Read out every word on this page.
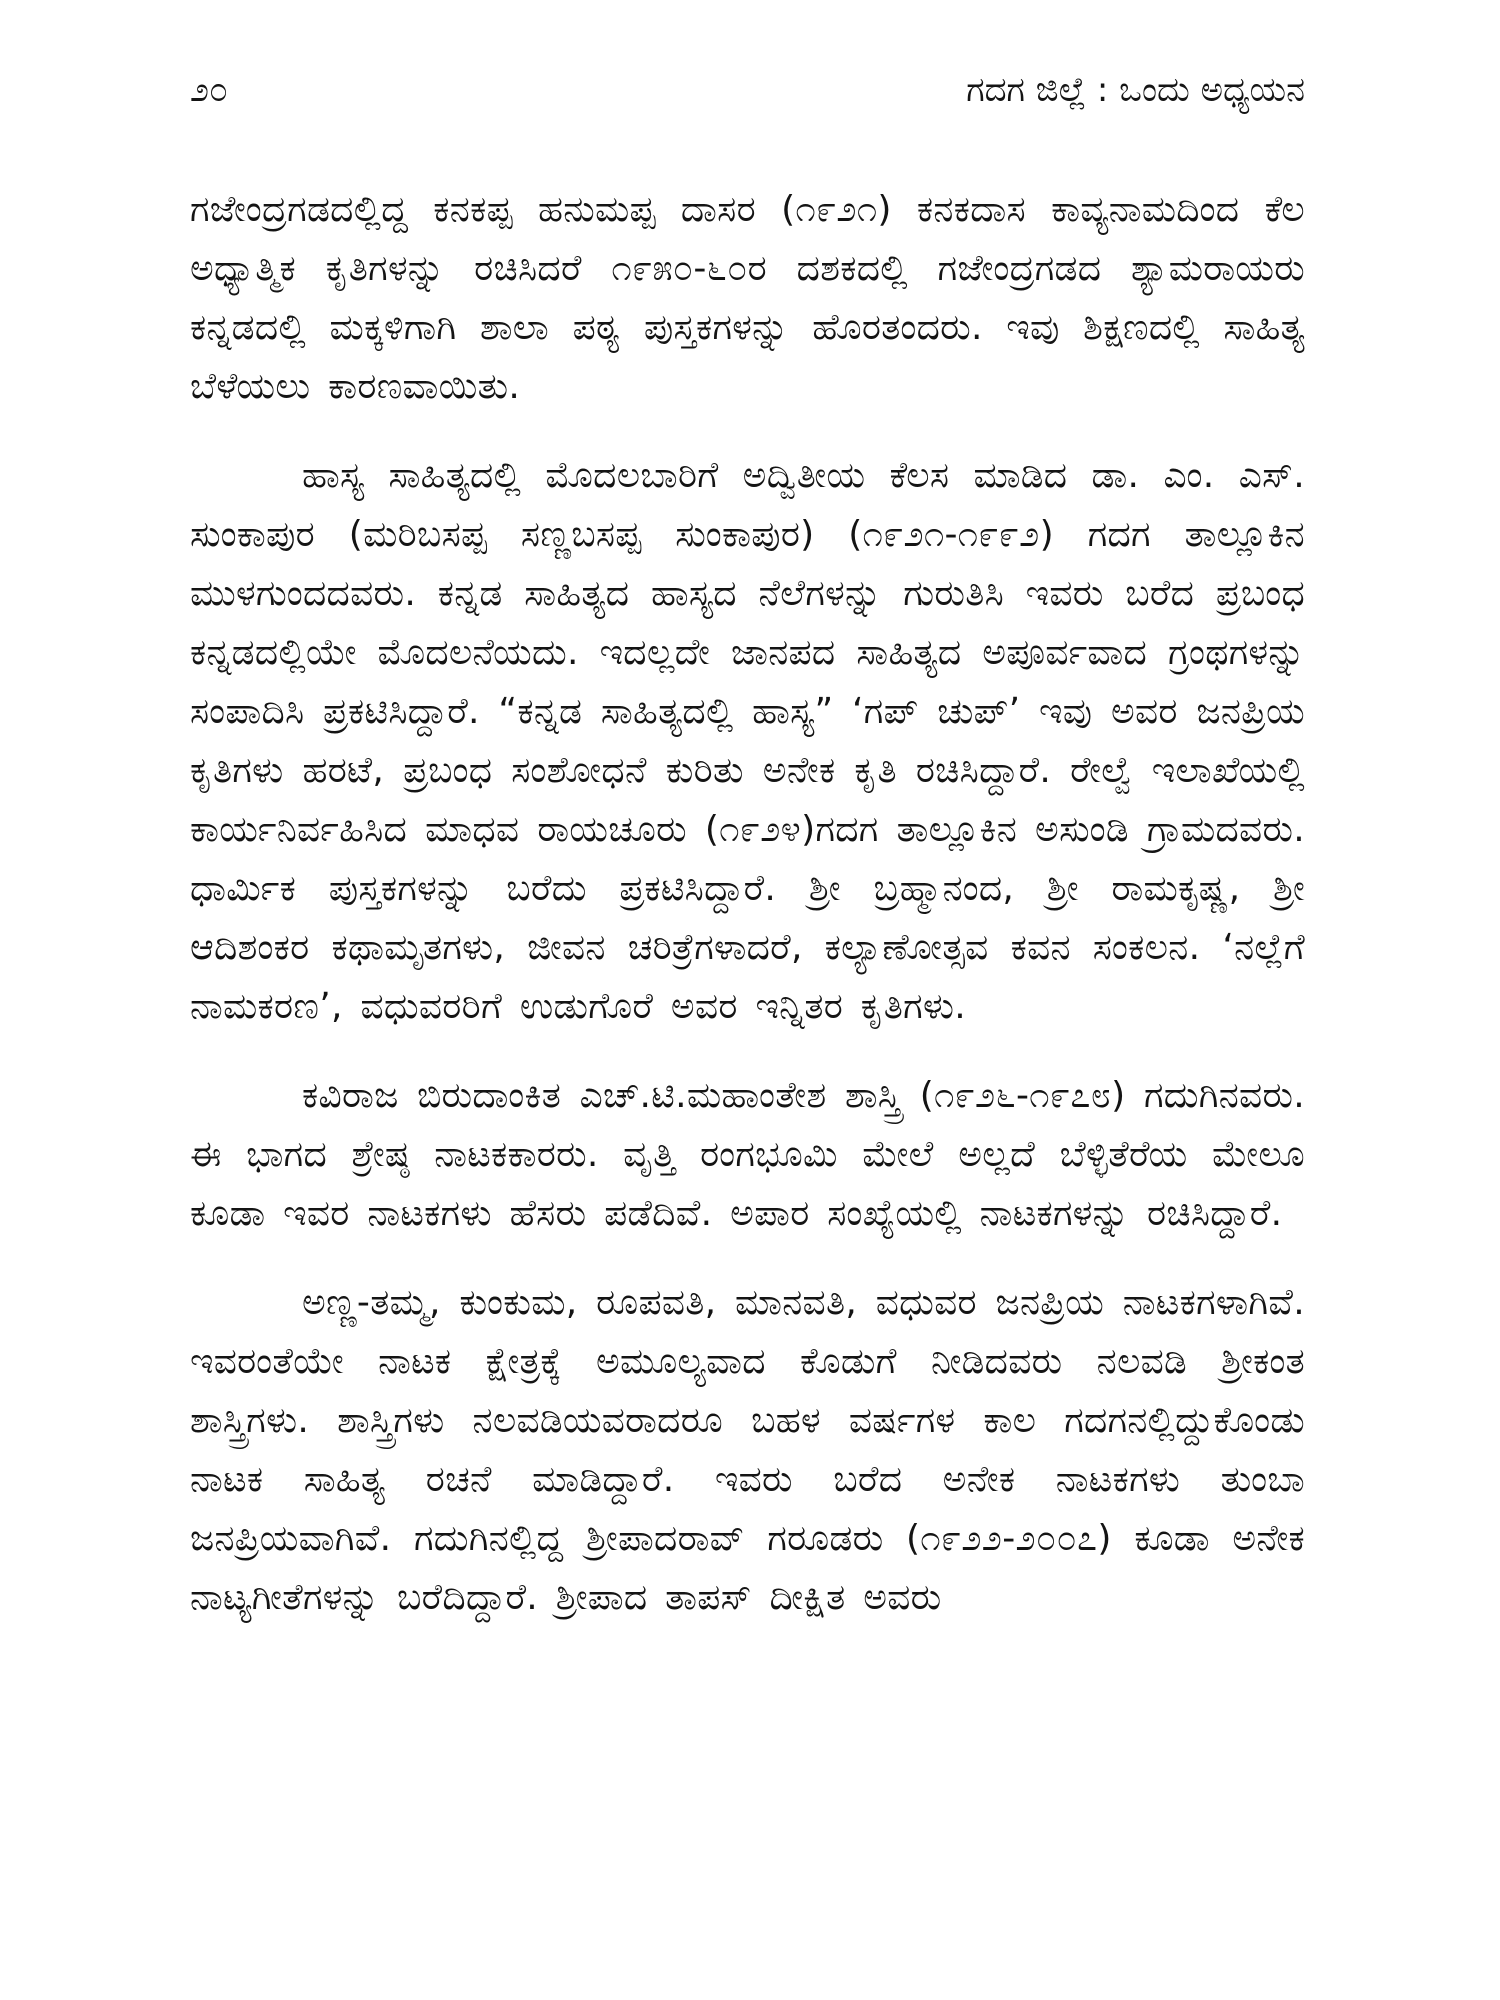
೨೦	ಗದಗ ಜಿಲ್ಲೆ : ಒಂದು ಅಧ್ಯಯನ

ಗಜೇಂದ್ರಗಡದಲ್ಲಿದ್ದ ಕನಕಪ್ಪ ಹನುಮಪ್ಪ ದಾಸರ (೧೯೨೧) ಕನಕದಾಸ ಕಾವ್ಯನಾಮದಿಂದ ಕೆಲ ಅಧ್ಯಾತ್ಮಿಕ ಕೃತಿಗಳನ್ನು ರಚಿಸಿದರೆ ೧೯೫೦-೬೦ರ ದಶಕದಲ್ಲಿ ಗಜೇಂದ್ರಗಡದ ಶ್ಯಾಮರಾಯರು ಕನ್ನಡದಲ್ಲಿ ಮಕ್ಕಳಿಗಾಗಿ ಶಾಲಾ ಪಠ್ಯ ಪುಸ್ತಕಗಳನ್ನು ಹೊರತಂದರು. ಇವು ಶಿಕ್ಷಣದಲ್ಲಿ ಸಾಹಿತ್ಯ ಬೆಳೆಯಲು ಕಾರಣವಾಯಿತು.

ಹಾಸ್ಯ ಸಾಹಿತ್ಯದಲ್ಲಿ ಮೊದಲಬಾರಿಗೆ ಅದ್ವಿತೀಯ ಕೆಲಸ ಮಾಡಿದ ಡಾ. ಎಂ. ಎಸ್. ಸುಂಕಾಪುರ (ಮರಿಬಸಪ್ಪ ಸಣ್ಣಬಸಪ್ಪ ಸುಂಕಾಪುರ) (೧೯೨೧-೧೯೯೨) ಗದಗ ತಾಲ್ಲೂಕಿನ ಮುಳಗುಂದದವರು. ಕನ್ನಡ ಸಾಹಿತ್ಯದ ಹಾಸ್ಯದ ನೆಲೆಗಳನ್ನು ಗುರುತಿಸಿ ಇವರು ಬರೆದ ಪ್ರಬಂಧ ಕನ್ನಡದಲ್ಲಿಯೇ ಮೊದಲನೆಯದು. ಇದಲ್ಲದೇ ಜಾನಪದ ಸಾಹಿತ್ಯದ ಅಪೂರ್ವವಾದ ಗ್ರಂಥಗಳನ್ನು ಸಂಪಾದಿಸಿ ಪ್ರಕಟಿಸಿದ್ದಾರೆ. “ಕನ್ನಡ ಸಾಹಿತ್ಯದಲ್ಲಿ ಹಾಸ್ಯ” ‘ಗಪ್ ಚುಪ್’ ಇವು ಅವರ ಜನಪ್ರಿಯ ಕೃತಿಗಳು ಹರಟೆ, ಪ್ರಬಂಧ ಸಂಶೋಧನೆ ಕುರಿತು ಅನೇಕ ಕೃತಿ ರಚಿಸಿದ್ದಾರೆ. ರೇಲ್ವೆ ಇಲಾಖೆಯಲ್ಲಿ ಕಾರ್ಯನಿರ್ವಹಿಸಿದ ಮಾಧವ ರಾಯಚೂರು (೧೯೨೪)ಗದಗ ತಾಲ್ಲೂಕಿನ ಅಸುಂಡಿ ಗ್ರಾಮದವರು. ಧಾರ್ಮಿಕ ಪುಸ್ತಕಗಳನ್ನು ಬರೆದು ಪ್ರಕಟಿಸಿದ್ದಾರೆ. ಶ್ರೀ ಬ್ರಹ್ಮಾನಂದ, ಶ್ರೀ ರಾಮಕೃಷ್ಣ, ಶ್ರೀ ಆದಿಶಂಕರ ಕಥಾಮೃತಗಳು, ಜೀವನ ಚರಿತ್ರೆಗಳಾದರೆ, ಕಲ್ಯಾಣೋತ್ಸವ ಕವನ ಸಂಕಲನ. ‘ನಲ್ಲೆಗೆ ನಾಮಕರಣ’, ವಧುವರರಿಗೆ ಉಡುಗೊರೆ ಅವರ ಇನ್ನಿತರ ಕೃತಿಗಳು.

ಕವಿರಾಜ ಬಿರುದಾಂಕಿತ ಎಚ್.ಟಿ.ಮಹಾಂತೇಶ ಶಾಸ್ತ್ರಿ (೧೯೨೬-೧೯೭೮) ಗದುಗಿನವರು. ಈ ಭಾಗದ ಶ್ರೇಷ್ಠ ನಾಟಕಕಾರರು. ವೃತ್ತಿ ರಂಗಭೂಮಿ ಮೇಲೆ ಅಲ್ಲದೆ ಬೆಳ್ಳಿತೆರೆಯ ಮೇಲೂ ಕೂಡಾ ಇವರ ನಾಟಕಗಳು ಹೆಸರು ಪಡೆದಿವೆ. ಅಪಾರ ಸಂಖ್ಯೆಯಲ್ಲಿ ನಾಟಕಗಳನ್ನು ರಚಿಸಿದ್ದಾರೆ.

ಅಣ್ಣ-ತಮ್ಮ, ಕುಂಕುಮ, ರೂಪವತಿ, ಮಾನವತಿ, ವಧುವರ ಜನಪ್ರಿಯ ನಾಟಕಗಳಾಗಿವೆ. ಇವರಂತೆಯೇ ನಾಟಕ ಕ್ಷೇತ್ರಕ್ಕೆ ಅಮೂಲ್ಯವಾದ ಕೊಡುಗೆ ನೀಡಿದವರು ನಲವಡಿ ಶ್ರೀಕಂತ ಶಾಸ್ತ್ರಿಗಳು. ಶಾಸ್ತ್ರಿಗಳು ನಲವಡಿಯವರಾದರೂ ಬಹಳ ವರ್ಷಗಳ ಕಾಲ ಗದಗನಲ್ಲಿದ್ದುಕೊಂಡು ನಾಟಕ ಸಾಹಿತ್ಯ ರಚನೆ ಮಾಡಿದ್ದಾರೆ. ಇವರು ಬರೆದ ಅನೇಕ ನಾಟಕಗಳು ತುಂಬಾ ಜನಪ್ರಿಯವಾಗಿವೆ. ಗದುಗಿನಲ್ಲಿದ್ದ ಶ್ರೀಪಾದರಾವ್ ಗರೂಡರು (೧೯೨೨-೨೦೦೭) ಕೂಡಾ ಅನೇಕ ನಾಟ್ಯಗೀತೆಗಳನ್ನು ಬರೆದಿದ್ದಾರೆ. ಶ್ರೀಪಾದ ತಾಪಸ್ ದೀಕ್ಷಿತ ಅವರು
